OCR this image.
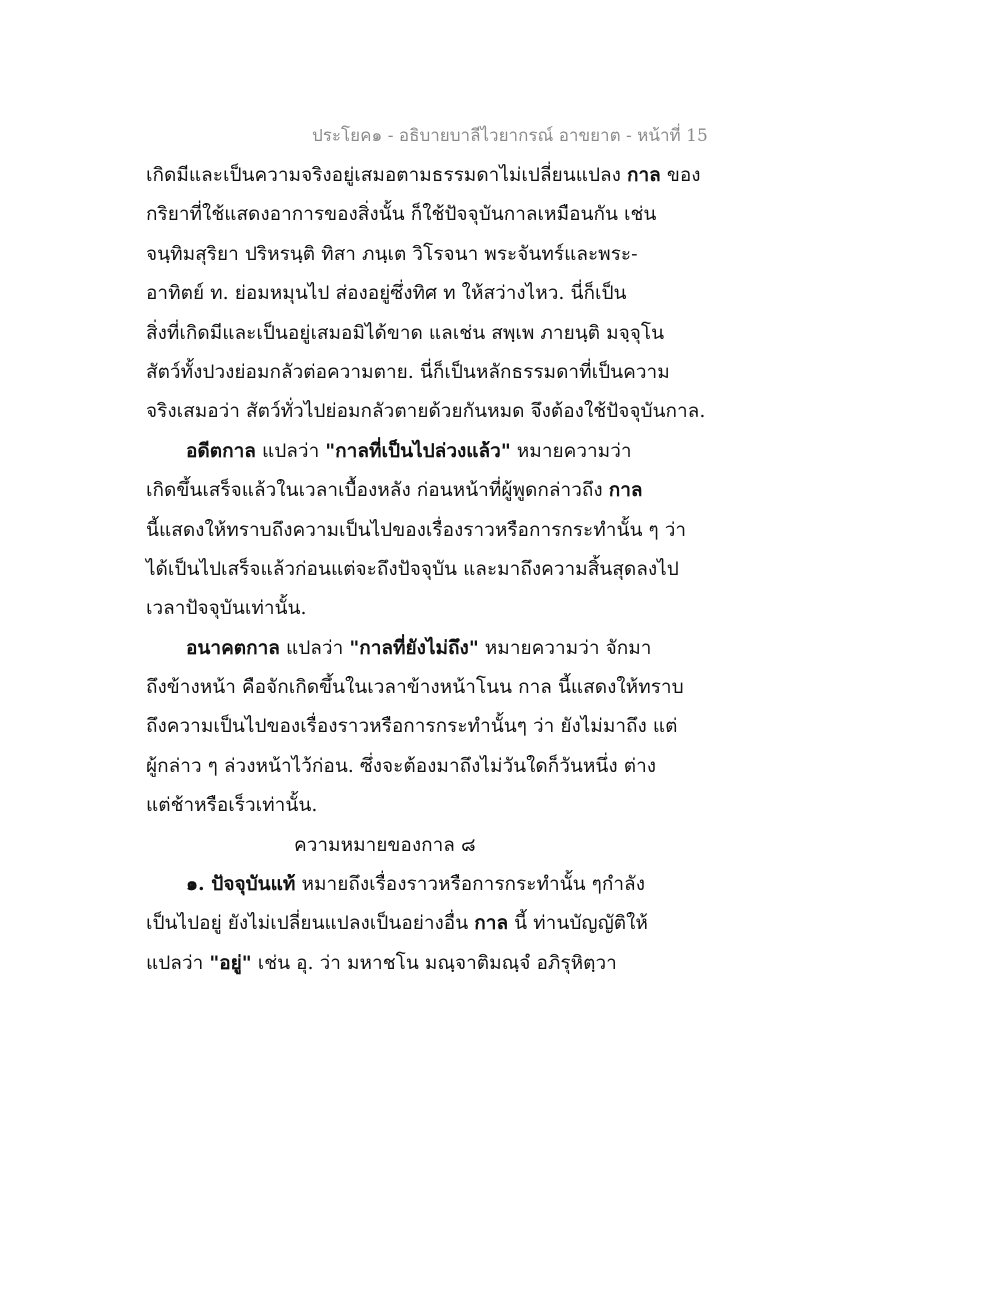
ประโยค๑ - อธิบายบาลีไวยากรณ์ อาขยาต - หน้าที่ 15
เกิดมีและเป็นความจริงอยู่เสมอตามธรรมดาไม่เปลี่ยนแปลง กาล ของ
กริยาที่ใช้แสดงอาการของสิ่งนั้น ก็ใช้ปัจจุบันกาลเหมือนกัน เช่น
จนฺทิมสุริยา ปริหรนฺติ ทิสา ภนฺเต วิโรจนา พระจันทร์และพระ-
อาทิตย์ ท. ย่อมหมุนไป ส่องอยู่ซึ่งทิศ ท ให้สว่างไหว. นี่ก็เป็น
สิ่งที่เกิดมีและเป็นอยู่เสมอมิได้ขาด แลเช่น สพฺเพ ภายนฺติ มจฺจุโน
สัตว์ทั้งปวงย่อมกลัวต่อความตาย. นี่ก็เป็นหลักธรรมดาที่เป็นความ
จริงเสมอว่า สัตว์ทั่วไปย่อมกลัวตายด้วยกันหมด จึงต้องใช้ปัจจุบันกาล.
อดีตกาล แปลว่า "กาลที่เป็นไปล่วงแล้ว" หมายความว่า
เกิดขึ้นเสร็จแล้วในเวลาเบื้องหลัง ก่อนหน้าที่ผู้พูดกล่าวถึง กาล
นี้แสดงให้ทราบถึงความเป็นไปของเรื่องราวหรือการกระทำนั้น ๆ ว่า
ได้เป็นไปเสร็จแล้วก่อนแต่จะถึงปัจจุบัน และมาถึงความสิ้นสุดลงไป
เวลาปัจจุบันเท่านั้น.
อนาคตกาล แปลว่า "กาลที่ยังไม่ถึง" หมายความว่า จักมา
ถึงข้างหน้า คือจักเกิดขึ้นในเวลาข้างหน้าโนน กาล นี้แสดงให้ทราบ
ถึงความเป็นไปของเรื่องราวหรือการกระทำนั้นๆ ว่า ยังไม่มาถึง แต่
ผู้กล่าว ๆ ล่วงหน้าไว้ก่อน. ซึ่งจะต้องมาถึงไม่วันใดก็วันหนึ่ง ต่าง
แต่ช้าหรือเร็วเท่านั้น.
ความหมายของกาล ๘
๑. ปัจจุบันแท้ หมายถึงเรื่องราวหรือการกระทำนั้น ๆกำลัง
เป็นไปอยู่ ยังไม่เปลี่ยนแปลงเป็นอย่างอื่น กาล นี้ ท่านบัญญัติให้
แปลว่า "อยู่" เช่น อุ. ว่า มหาชโน มณฺจาติมณฺจํ อภิรุหิตฺวา
